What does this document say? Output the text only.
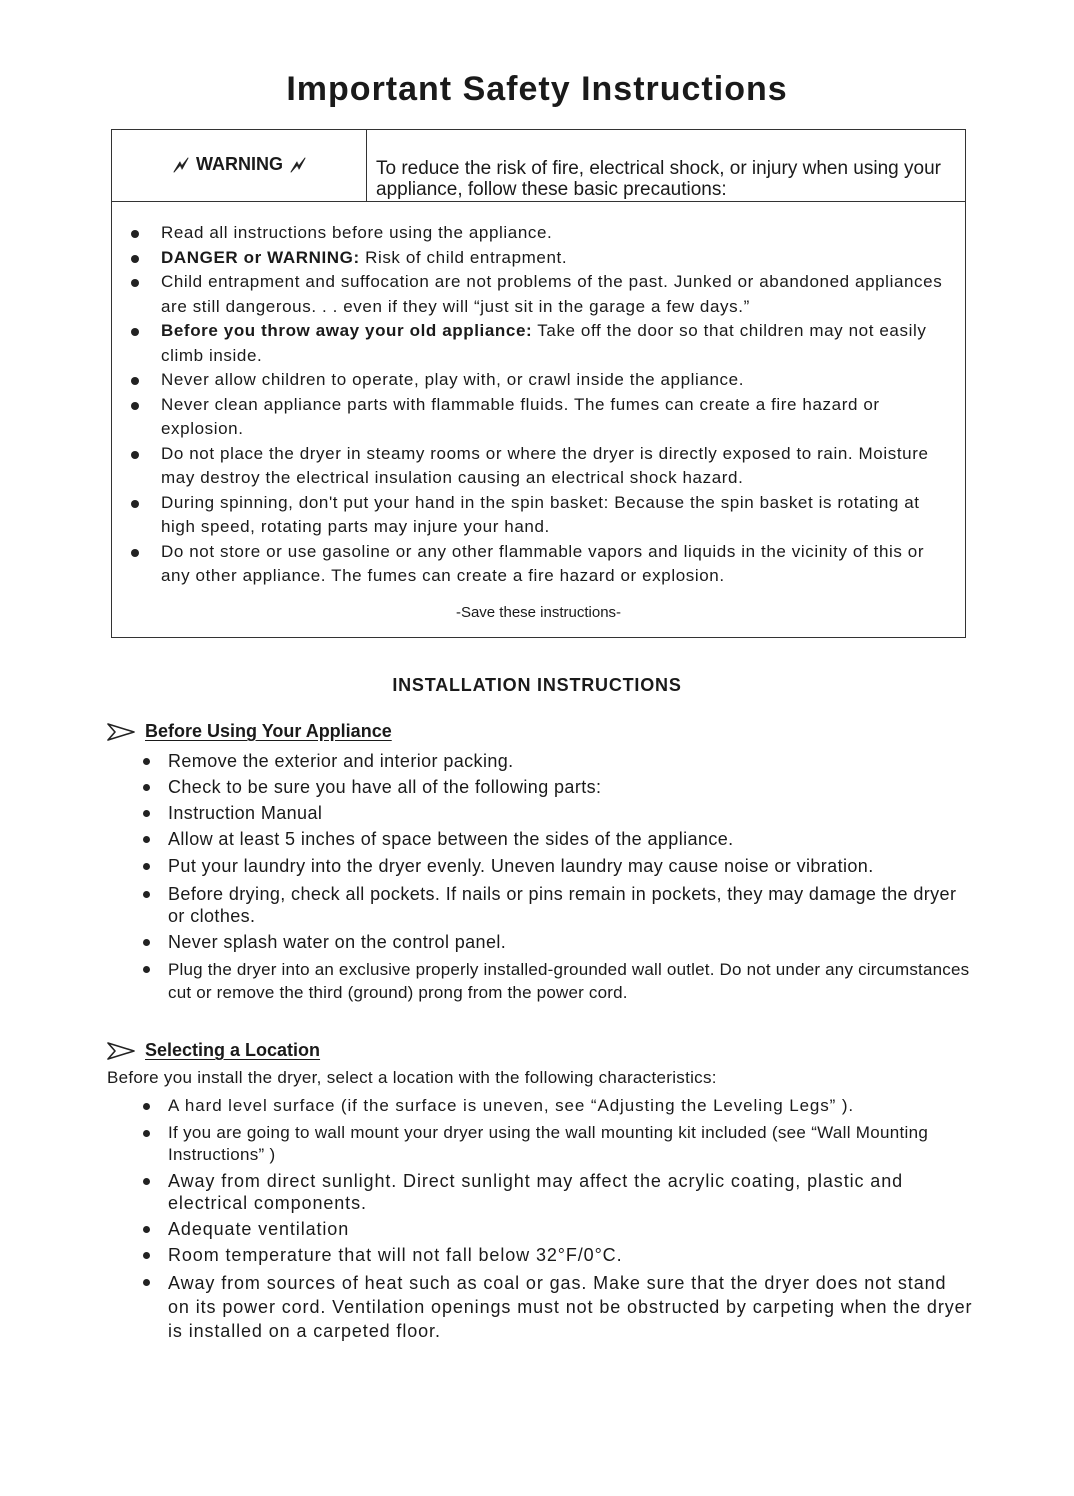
Important Safety Instructions
WARNING	To reduce the risk of fire, electrical shock, or injury when using your appliance, follow these basic precautions:
Read all instructions before using the appliance.
DANGER or WARNING: Risk of child entrapment.
Child entrapment and suffocation are not problems of the past. Junked or abandoned appliances are still dangerous. . . even if they will “just sit in the garage a few days.”
Before you throw away your old appliance: Take off the door so that children may not easily climb inside.
Never allow children to operate, play with, or crawl inside the appliance.
Never clean appliance parts with flammable fluids. The fumes can create a fire hazard or explosion.
Do not place the dryer in steamy rooms or where the dryer is directly exposed to rain. Moisture may destroy the electrical insulation causing an electrical shock hazard.
During spinning, don't put your hand in the spin basket: Because the spin basket is rotating at high speed, rotating parts may injure your hand.
Do not store or use gasoline or any other flammable vapors and liquids in the vicinity of this or any other appliance. The fumes can create a fire hazard or explosion.
-Save these instructions-
INSTALLATION INSTRUCTIONS
Before Using Your Appliance
Remove the exterior and interior packing.
Check to be sure you have all of the following parts:
Instruction Manual
Allow at least 5 inches of space between the sides of the appliance.
Put your laundry into the dryer evenly. Uneven laundry may cause noise or vibration.
Before drying, check all pockets. If nails or pins remain in pockets, they may damage the dryer or clothes.
Never splash water on the control panel.
Plug the dryer into an exclusive properly installed-grounded wall outlet. Do not under any circumstances cut or remove the third (ground) prong from the power cord.
Selecting a Location
Before you install the dryer, select a location with the following characteristics:
A hard level surface (if the surface is uneven, see “Adjusting the Leveling Legs” ).
If you are going to wall mount your dryer using the wall mounting kit included (see “Wall Mounting Instructions” )
Away from direct sunlight. Direct sunlight may affect the acrylic coating, plastic and electrical components.
Adequate ventilation
Room temperature that will not fall below 32°F/0°C.
Away from sources of heat such as coal or gas. Make sure that the dryer does not stand on its power cord. Ventilation openings must not be obstructed by carpeting when the dryer is installed on a carpeted floor.
